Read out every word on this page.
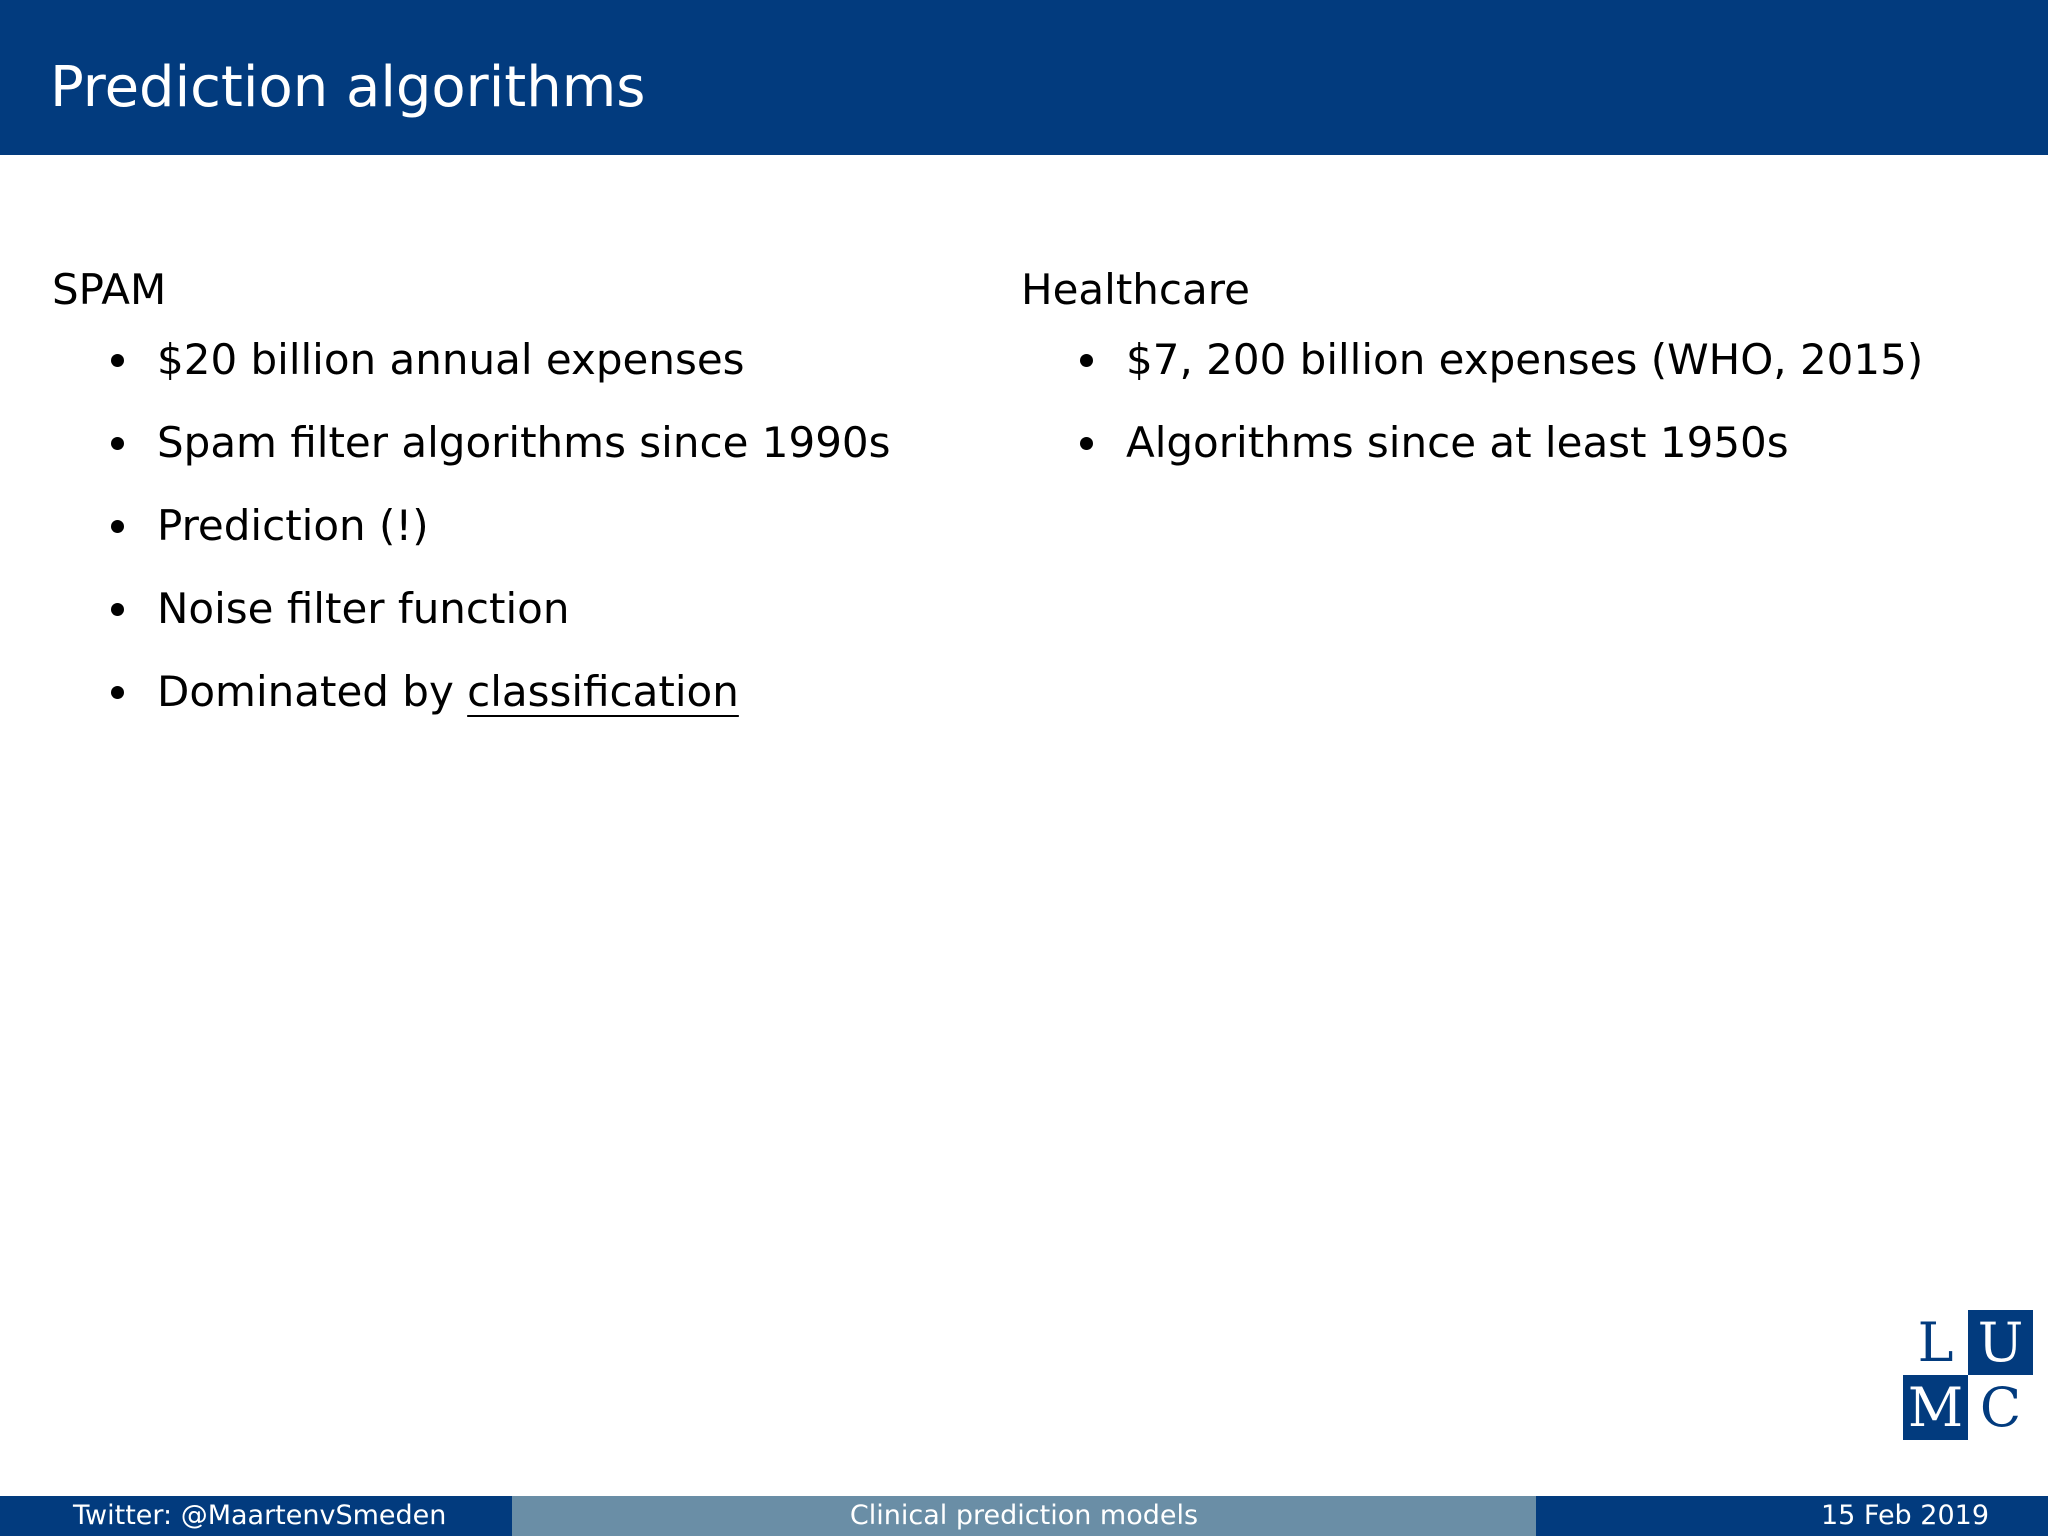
Prediction algorithms
SPAM
$20 billion annual expenses
Spam filter algorithms since 1990s
Prediction (!)
Noise filter function
Dominated by classification
Healthcare
$7, 200 billion expenses (WHO, 2015)
Algorithms since at least 1950s
L U
M C
Twitter: @MaartenvSmeden	Clinical prediction models	15 Feb 2019
